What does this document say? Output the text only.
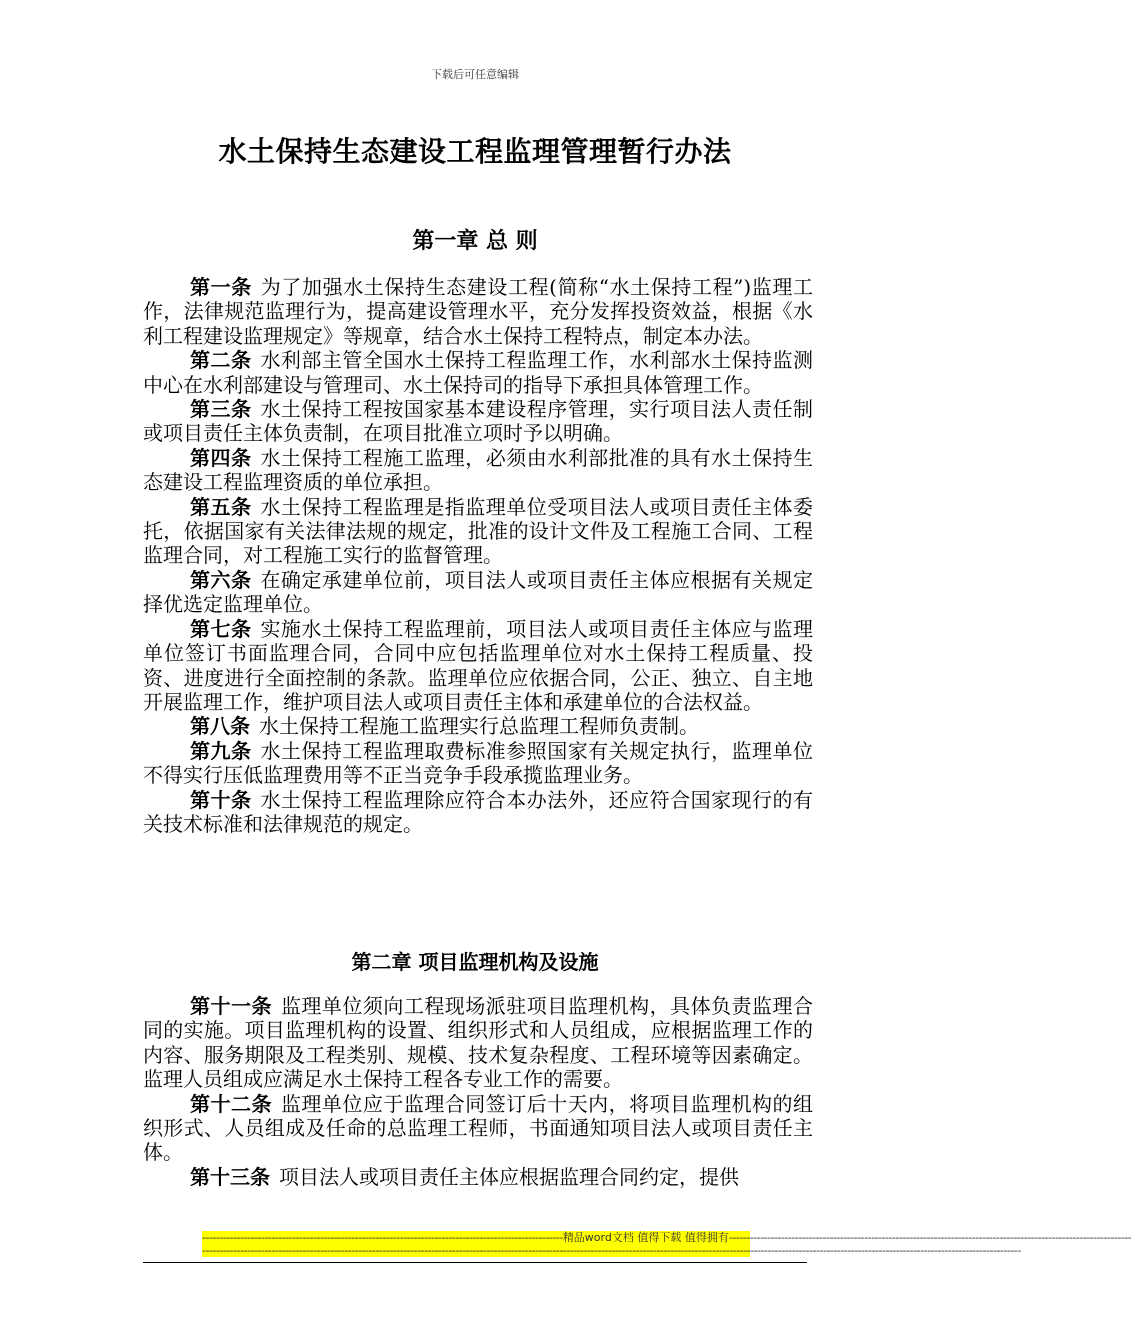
下载后可任意编辑
水土保持生态建设工程监理管理暂行办法
第一章 总 则

第一条 为了加强水土保持生态建设工程(简称“水土保持工程”)监理工作，法律规范监理行为，提高建设管理水平，充分发挥投资效益，根据《水利工程建设监理规定》等规章，结合水土保持工程特点，制定本办法。

第二条 水利部主管全国水土保持工程监理工作，水利部水土保持监测中心在水利部建设与管理司、水土保持司的指导下承担具体管理工作。

第三条 水土保持工程按国家基本建设程序管理，实行项目法人责任制或项目责任主体负责制，在项目批准立项时予以明确。

第四条 水土保持工程施工监理，必须由水利部批准的具有水土保持生态建设工程监理资质的单位承担。

第五条 水土保持工程监理是指监理单位受项目法人或项目责任主体委托，依据国家有关法律法规的规定，批准的设计文件及工程施工合同、工程监理合同，对工程施工实行的监督管理。

第六条 在确定承建单位前，项目法人或项目责任主体应根据有关规定择优选定监理单位。

第七条 实施水土保持工程监理前，项目法人或项目责任主体应与监理单位签订书面监理合同，合同中应包括监理单位对水土保持工程质量、投资、进度进行全面控制的条款。监理单位应依据合同，公正、独立、自主地开展监理工作，维护项目法人或项目责任主体和承建单位的合法权益。

第八条 水土保持工程施工监理实行总监理工程师负责制。

第九条 水土保持工程监理取费标准参照国家有关规定执行，监理单位不得实行压低监理费用等不正当竞争手段承揽监理业务。

第十条 水土保持工程监理除应符合本办法外，还应符合国家现行的有关技术标准和法律规范的规定。

第二章 项目监理机构及设施

第十一条 监理单位须向工程现场派驻项目监理机构，具体负责监理合同的实施。项目监理机构的设置、组织形式和人员组成，应根据监理工作的内容、服务期限及工程类别、规模、技术复杂程度、工程环境等因素确定。监理人员组成应满足水土保持工程各专业工作的需要。

第十二条 监理单位应于监理合同签订后十天内，将项目监理机构的组织形式、人员组成及任命的总监理工程师，书面通知项目法人或项目责任主体。

第十三条 项目法人或项目责任主体应根据监理合同约定，提供

-------------------------------------------------------------------------------------------------------- 精品word文档 值得下载 值得拥有 --------------------------------------------------------------------------------------------------------------------
--------------------------------------------------------------------------------------------------------------------------------------------------------------------------------------------------------------------------------------------
